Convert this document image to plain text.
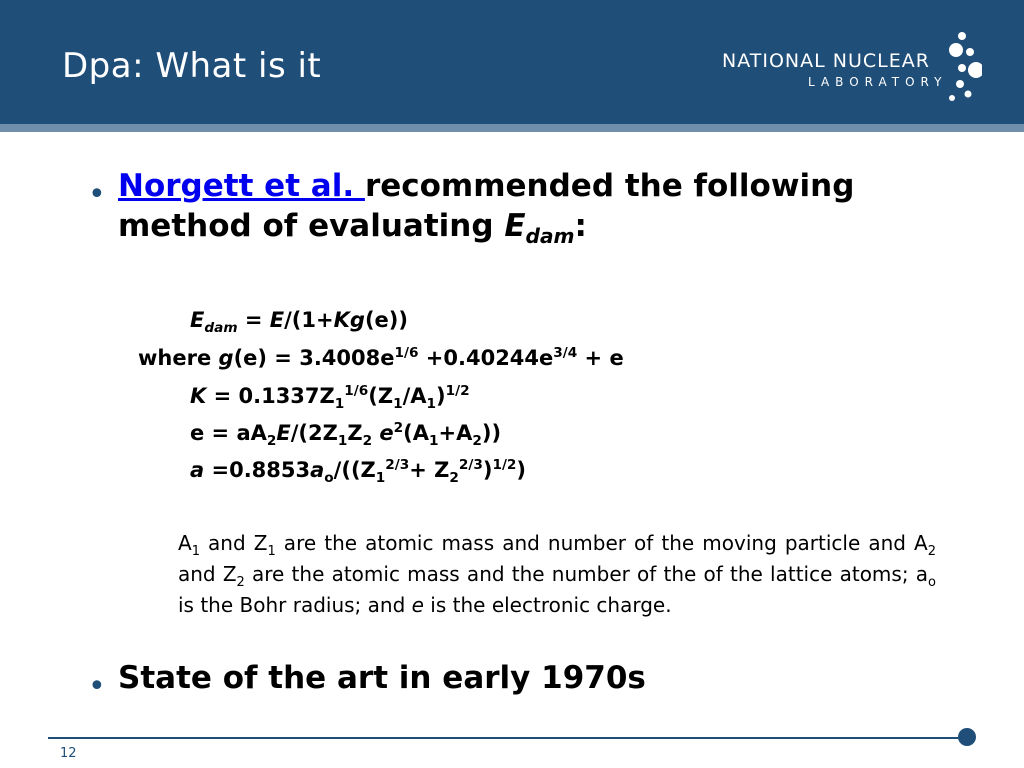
Dpa: What is it	NATIONAL NUCLEAR
LABORATORY
• Norgett et al. recommended the following method of evaluating $E_{dam}$:
$E_{dam} = E/(1+Kg(e))$
where $g(e) = 3.4008e^{1/6} +0.40244e^{3/4} + e$
$K = 0.1337Z_1^{1/6}(Z_1/A_1)^{1/2}$
$e = aA_2E/(2Z_1Z_2$ $e^2(A_1+A_2)$)
$a =0.8853a_o/((Z_1^{2/3}+ Z_2^{2/3})^{1/2})$
$A_1$ and $Z_1$ are the atomic mass and number of the moving particle and $A_2$ and $Z_2$ are the atomic mass and the number of the of the lattice atoms; $a_o$ is the Bohr radius; and e is the electronic charge.
• State of the art in early 1970s
12
